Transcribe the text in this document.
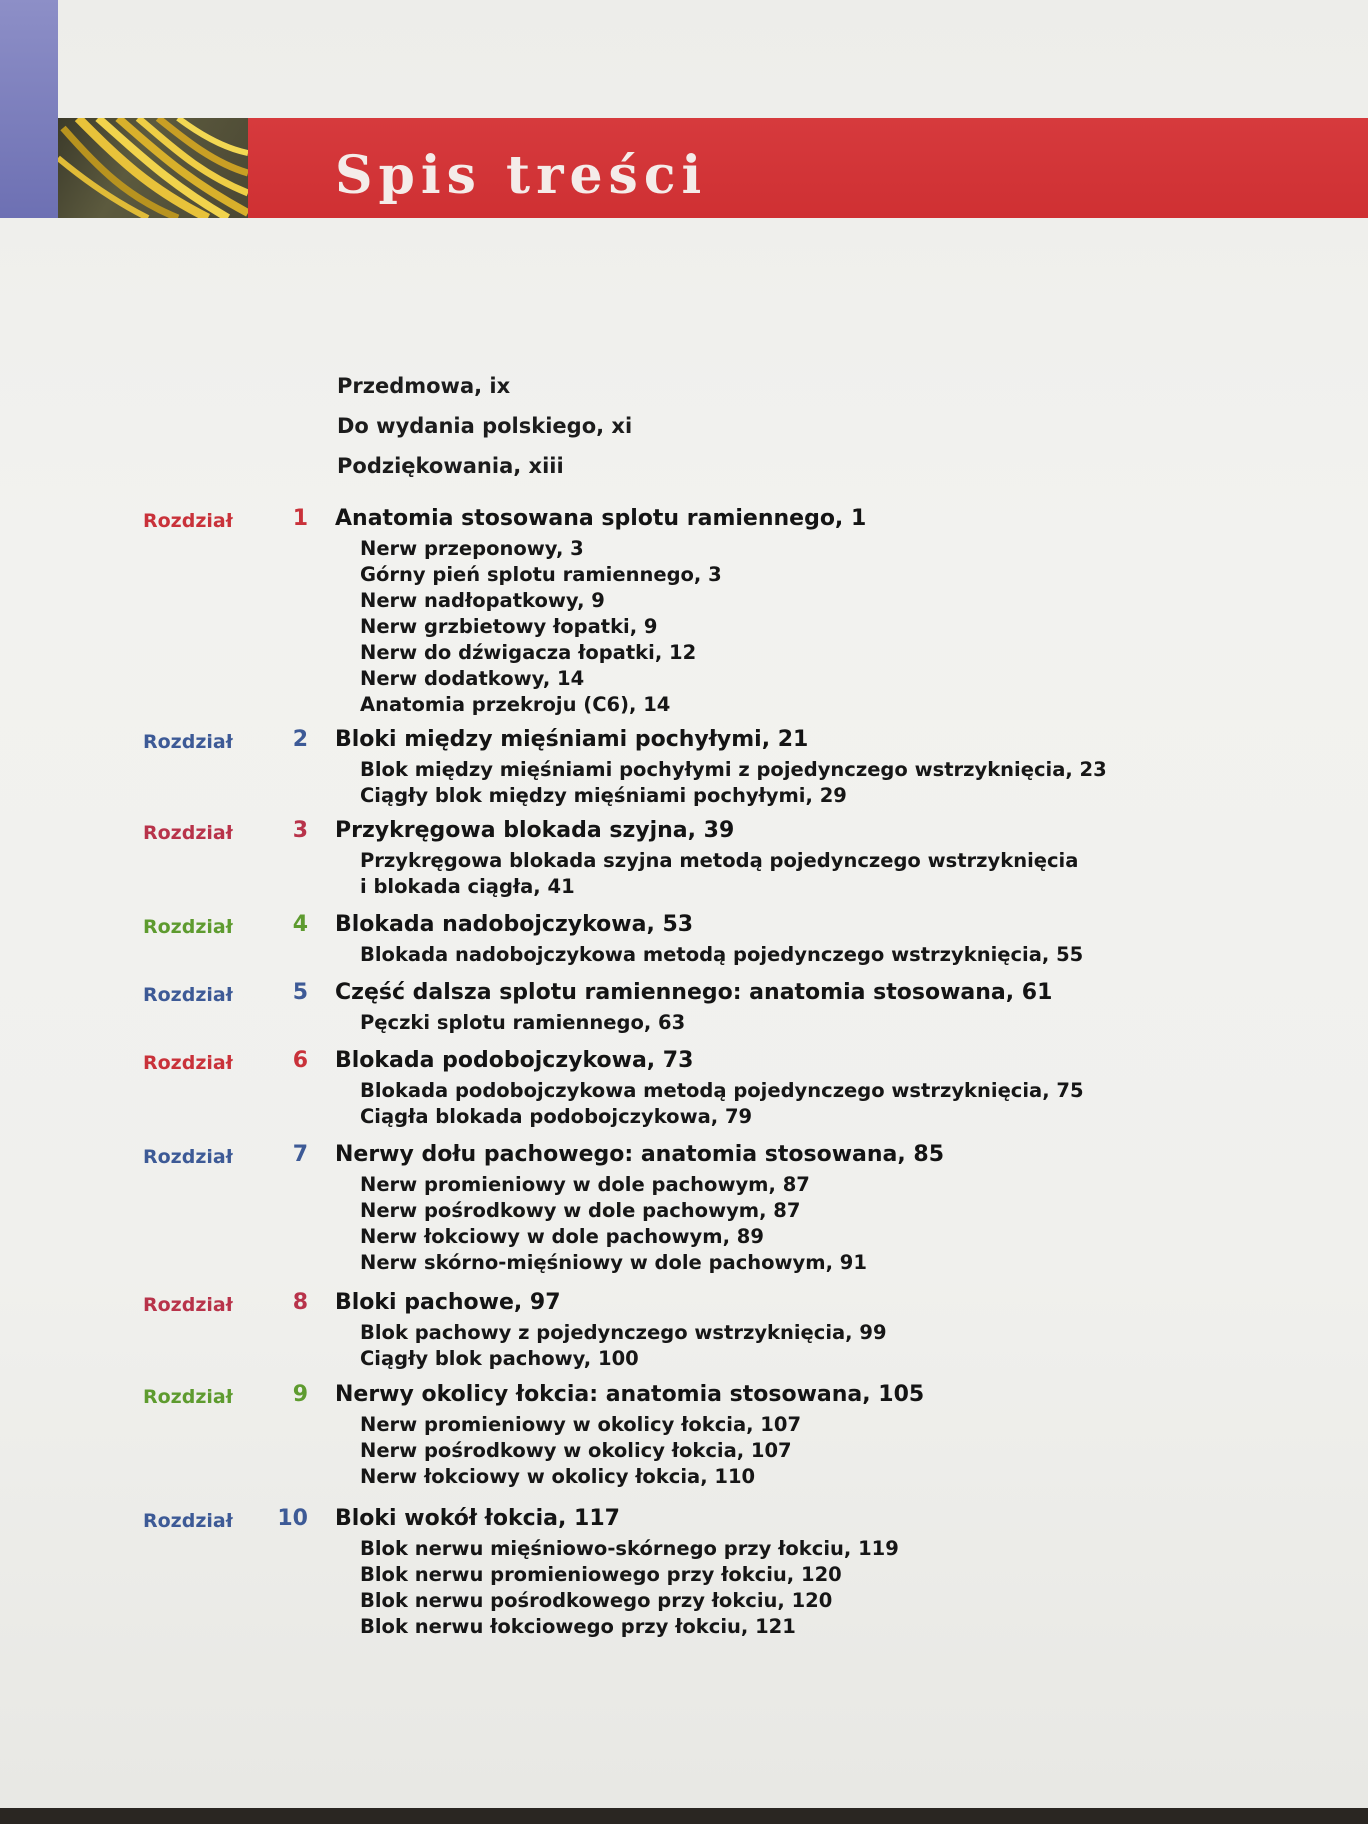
Spis treści

Przedmowa, ix

Do wydania polskiego, xi

Podziękowania, xiii

Rozdział	1 Anatomia stosowana splotu ramiennego, 1
Nerw przeponowy, 3
Górny pień splotu ramiennego, 3
Nerw nadłopatkowy, 9
Nerw grzbietowy łopatki, 9
Nerw do dźwigacza łopatki, 12
Nerw dodatkowy, 14
Anatomia przekroju (C6), 14
Rozdział	2 Bloki między mięśniami pochyłymi, 21
Blok między mięśniami pochyłymi z pojedynczego wstrzyknięcia, 23
Ciągły blok między mięśniami pochyłymi, 29
Rozdział	3 Przykręgowa blokada szyjna, 39
Przykręgowa blokada szyjna metodą pojedynczego wstrzyknięcia
i blokada ciągła, 41
Rozdział	4 Blokada nadobojczykowa, 53
Blokada nadobojczykowa metodą pojedynczego wstrzyknięcia, 55
Rozdział	5 Część dalsza splotu ramiennego: anatomia stosowana, 61
Pęczki splotu ramiennego, 63
Rozdział	6 Blokada podobojczykowa, 73
Blokada podobojczykowa metodą pojedynczego wstrzyknięcia, 75
Ciągła blokada podobojczykowa, 79
Rozdział	7 Nerwy dołu pachowego: anatomia stosowana, 85
Nerw promieniowy w dole pachowym, 87
Nerw pośrodkowy w dole pachowym, 87
Nerw łokciowy w dole pachowym, 89
Nerw skórno-mięśniowy w dole pachowym, 91
Rozdział	8 Bloki pachowe, 97
Blok pachowy z pojedynczego wstrzyknięcia, 99
Ciągły blok pachowy, 100
Rozdział	9 Nerwy okolicy łokcia: anatomia stosowana, 105
Nerw promieniowy w okolicy łokcia, 107
Nerw pośrodkowy w okolicy łokcia, 107
Nerw łokciowy w okolicy łokcia, 110
Rozdział	10 Bloki wokół łokcia, 117
Blok nerwu mięśniowo-skórnego przy łokciu, 119
Blok nerwu promieniowego przy łokciu, 120
Blok nerwu pośrodkowego przy łokciu, 120
Blok nerwu łokciowego przy łokciu, 121
